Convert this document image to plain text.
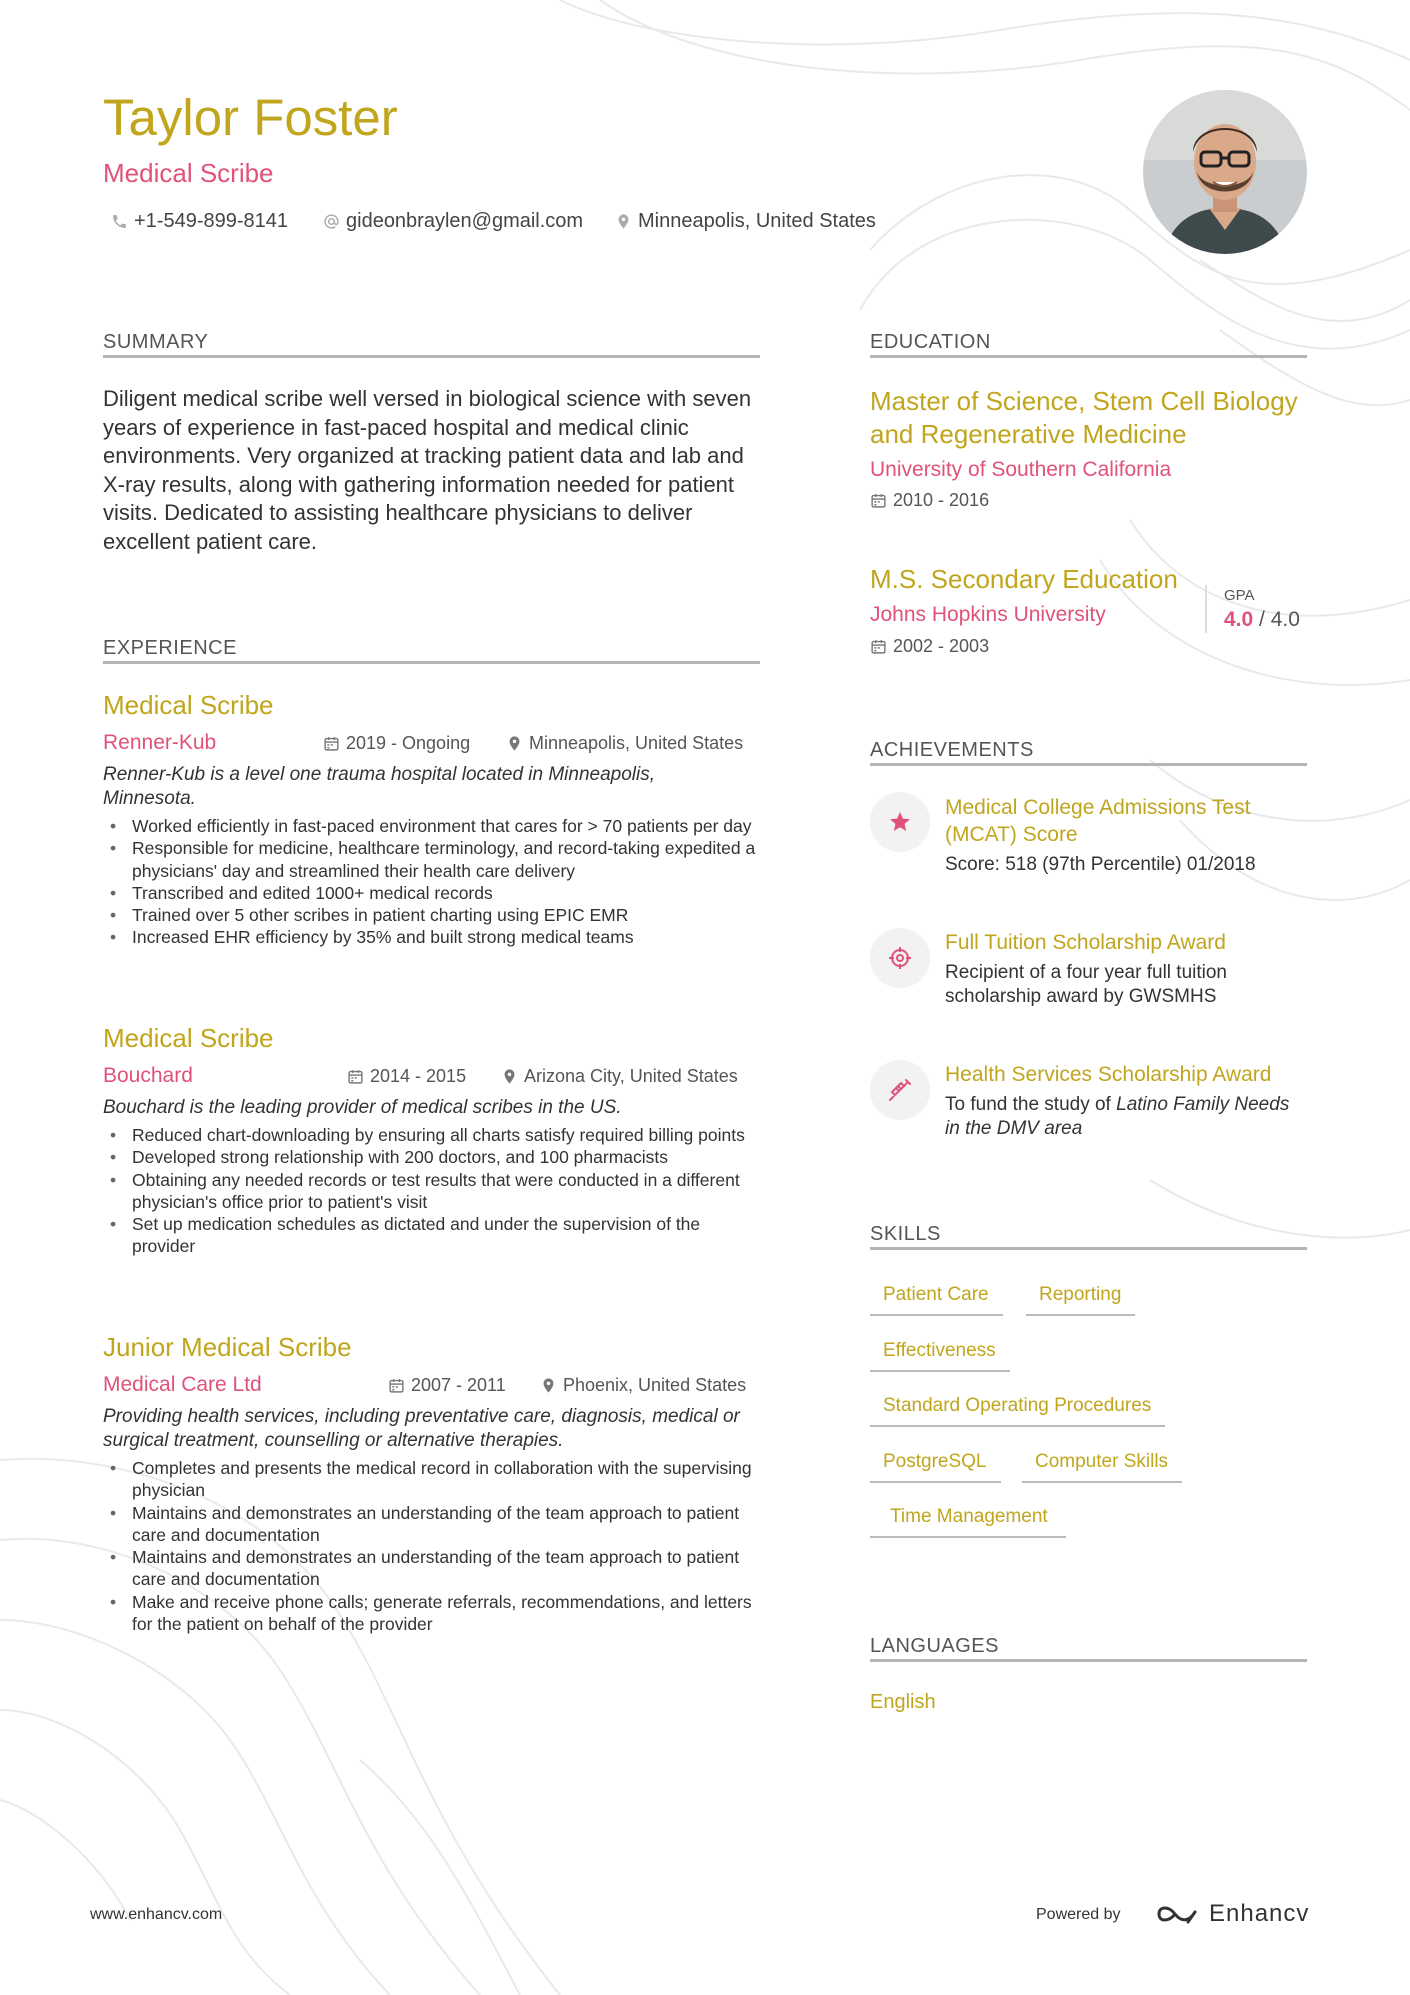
Taylor Foster
Medical Scribe
+1-549-899-8141	gideonbraylen@gmail.com	Minneapolis, United States
SUMMARY
Diligent medical scribe well versed in biological science with seven years of experience in fast-paced hospital and medical clinic environments. Very organized at tracking patient data and lab and X-ray results, along with gathering information needed for patient visits. Dedicated to assisting healthcare physicians to deliver excellent patient care.
EXPERIENCE
Medical Scribe
Renner-Kub	2019 - Ongoing	Minneapolis, United States
Renner-Kub is a level one trauma hospital located in Minneapolis, Minnesota.
• Worked efficiently in fast-paced environment that cares for > 70 patients per day
• Responsible for medicine, healthcare terminology, and record-taking expedited a physicians' day and streamlined their health care delivery
• Transcribed and edited 1000+ medical records
• Trained over 5 other scribes in patient charting using EPIC EMR
• Increased EHR efficiency by 35% and built strong medical teams
Medical Scribe
Bouchard	2014 - 2015	Arizona City, United States
Bouchard is the leading provider of medical scribes in the US.
• Reduced chart-downloading by ensuring all charts satisfy required billing points
• Developed strong relationship with 200 doctors, and 100 pharmacists
• Obtaining any needed records or test results that were conducted in a different physician's office prior to patient's visit
• Set up medication schedules as dictated and under the supervision of the provider
Junior Medical Scribe
Medical Care Ltd	2007 - 2011	Phoenix, United States
Providing health services, including preventative care, diagnosis, medical or surgical treatment, counselling or alternative therapies.
• Completes and presents the medical record in collaboration with the supervising physician
• Maintains and demonstrates an understanding of the team approach to patient care and documentation
• Maintains and demonstrates an understanding of the team approach to patient care and documentation
• Make and receive phone calls; generate referrals, recommendations, and letters for the patient on behalf of the provider
EDUCATION
Master of Science, Stem Cell Biology and Regenerative Medicine
University of Southern California
2010 - 2016
M.S. Secondary Education
Johns Hopkins University
2002 - 2003
GPA
4.0 / 4.0
ACHIEVEMENTS
Medical College Admissions Test (MCAT) Score
Score: 518 (97th Percentile) 01/2018
Full Tuition Scholarship Award
Recipient of a four year full tuition scholarship award by GWSMHS
Health Services Scholarship Award
To fund the study of Latino Family Needs in the DMV area
SKILLS
Patient Care	Reporting
Effectiveness
Standard Operating Procedures
PostgreSQL	Computer Skills
Time Management
LANGUAGES
English
www.enhancv.com	Powered by	Enhancv
